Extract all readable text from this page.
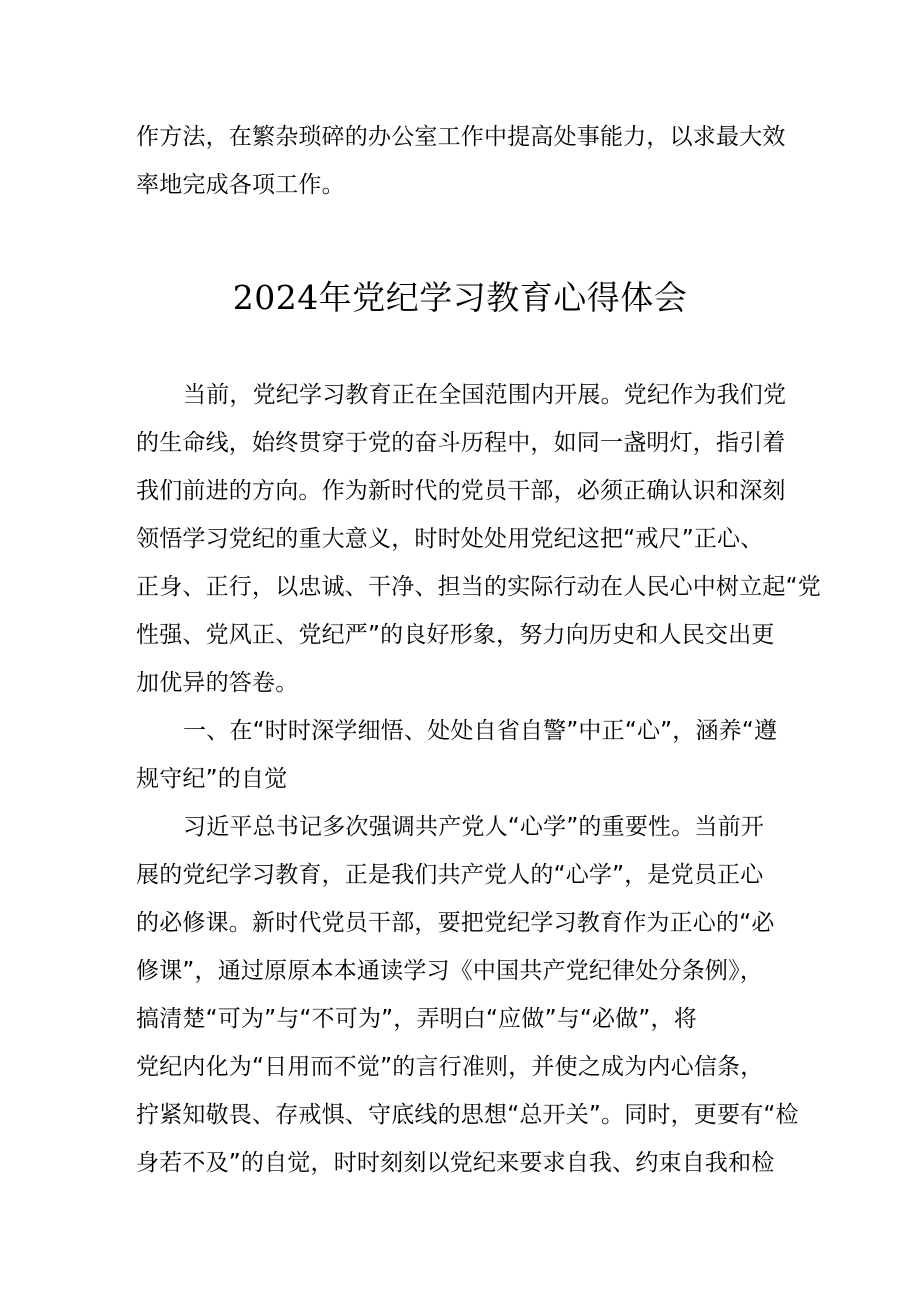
作方法，在繁杂琐碎的办公室工作中提高处事能力，以求最大效
率地完成各项工作。
2024年党纪学习教育心得体会
当前，党纪学习教育正在全国范围内开展。党纪作为我们党
的生命线，始终贯穿于党的奋斗历程中，如同一盏明灯，指引着
我们前进的方向。作为新时代的党员干部，必须正确认识和深刻
领悟学习党纪的重大意义，时时处处用党纪这把“戒尺”正心、
正身、正行，以忠诚、干净、担当的实际行动在人民心中树立起“党
性强、党风正、党纪严”的良好形象，努力向历史和人民交出更
加优异的答卷。
一、在“时时深学细悟、处处自省自警”中正“心”，涵养“遵
规守纪”的自觉
习近平总书记多次强调共产党人“心学”的重要性。当前开
展的党纪学习教育，正是我们共产党人的“心学”，是党员正心
的必修课。新时代党员干部，要把党纪学习教育作为正心的“必
修课”，通过原原本本通读学习《中国共产党纪律处分条例》，
搞清楚“可为”与“不可为”，弄明白“应做”与“必做”，将
党纪内化为“日用而不觉”的言行准则，并使之成为内心信条，
拧紧知敬畏、存戒惧、守底线的思想“总开关”。同时，更要有“检
身若不及”的自觉，时时刻刻以党纪来要求自我、约束自我和检
